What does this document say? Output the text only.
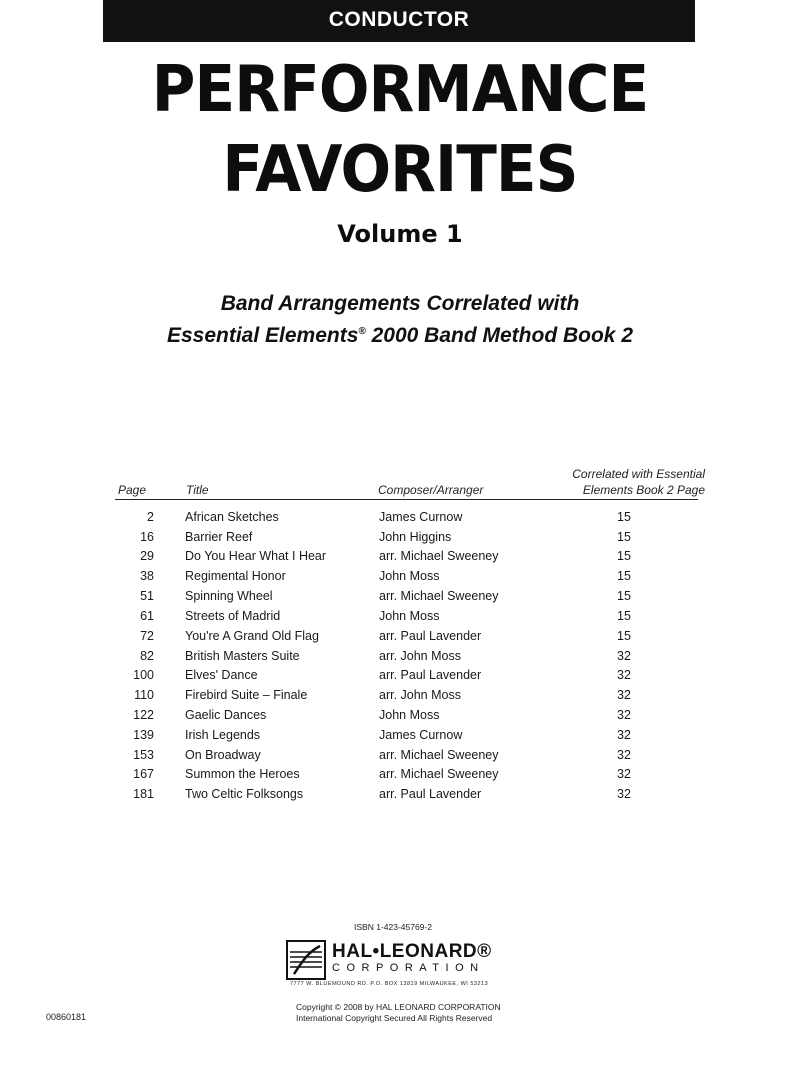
CONDUCTOR
PERFORMANCE
FAVORITES
Volume 1
Band Arrangements Correlated with
Essential Elements® 2000 Band Method Book 2
Page	Title	Composer/Arranger
Correlated with Essential
Elements Book 2 Page
2 African Sketches	James Curnow	15
16 Barrier Reef	John Higgins	15
29 Do You Hear What I Hear	arr. Michael Sweeney	15
38 Regimental Honor	John Moss	15
51 Spinning Wheel	arr. Michael Sweeney	15
61 Streets of Madrid	John Moss	15
72 You're A Grand Old Flag	arr. Paul Lavender	15
82 British Masters Suite	arr. John Moss	32
100 Elves' Dance	arr. Paul Lavender	32
110 Firebird Suite – Finale	arr. John Moss	32
122 Gaelic Dances	John Moss	32
139 Irish Legends	James Curnow	32
153 On Broadway	arr. Michael Sweeney	32
167 Summon the Heroes	arr. Michael Sweeney	32
181 Two Celtic Folksongs	arr. Paul Lavender	32
ISBN 1-423-45769-2
HAL•LEONARD®
CORPORATION
7777 W. BLUEMOUND RD. P.O. BOX 13819 MILWAUKEE, WI 53213
Copyright © 2008 by HAL LEONARD CORPORATION
International Copyright Secured All Rights Reserved
00860181
